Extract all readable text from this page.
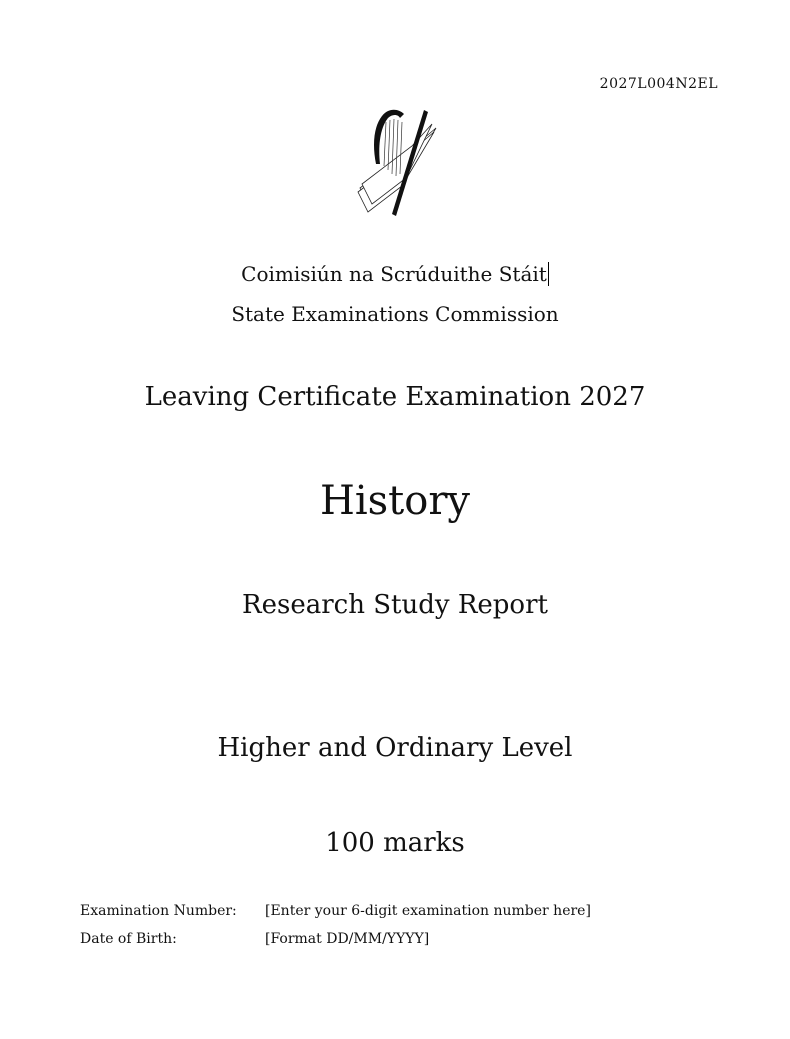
2027L004N2EL
Coimisiún na Scrúduithe Stáit
State Examinations Commission
Leaving Certificate Examination 2027
History
Research Study Report
Higher and Ordinary Level
100 marks
Examination Number:	[Enter your 6-digit examination number here]
Date of Birth:	[Format DD/MM/YYYY]
